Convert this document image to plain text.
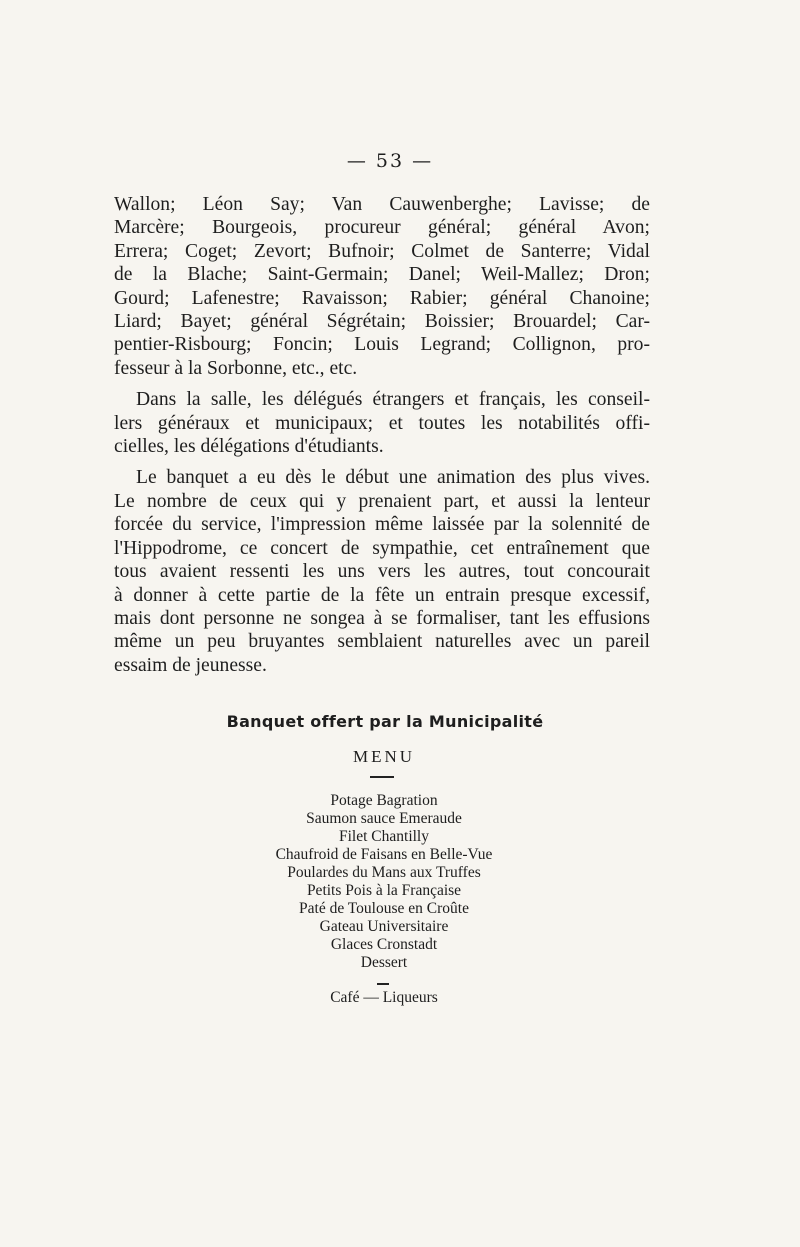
— 53 —
Wallon; Léon Say; Van Cauwenberghe; Lavisse; de
Marcère; Bourgeois, procureur général; général Avon;
Errera; Coget; Zevort; Bufnoir; Colmet de Santerre; Vidal
de la Blache; Saint-Germain; Danel; Weil-Mallez; Dron;
Gourd; Lafenestre; Ravaisson; Rabier; général Chanoine;
Liard; Bayet; général Ségrétain; Boissier; Brouardel; Car-
pentier-Risbourg; Foncin; Louis Legrand; Collignon, pro-
fesseur à la Sorbonne, etc., etc.
Dans la salle, les délégués étrangers et français, les conseil-
lers généraux et municipaux; et toutes les notabilités offi-
cielles, les délégations d'étudiants.
Le banquet a eu dès le début une animation des plus vives.
Le nombre de ceux qui y prenaient part, et aussi la lenteur
forcée du service, l'impression même laissée par la solennité de
l'Hippodrome, ce concert de sympathie, cet entraînement que
tous avaient ressenti les uns vers les autres, tout concourait
à donner à cette partie de la fête un entrain presque excessif,
mais dont personne ne songea à se formaliser, tant les effusions
même un peu bruyantes semblaient naturelles avec un pareil
essaim de jeunesse.
Banquet offert par la Municipalité
MENU
Potage Bagration
Saumon sauce Emeraude
Filet Chantilly
Chaufroid de Faisans en Belle-Vue
Poulardes du Mans aux Truffes
Petits Pois à la Française
Paté de Toulouse en Croûte
Gateau Universitaire
Glaces Cronstadt
Dessert
Café — Liqueurs
